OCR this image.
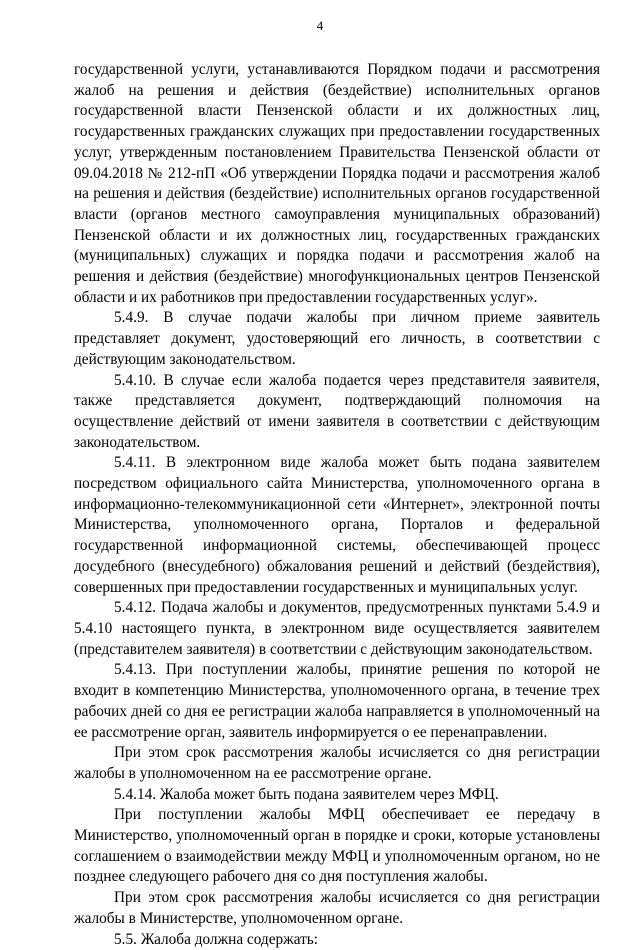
4

государственной услуги, устанавливаются Порядком подачи и рассмотрения жалоб на решения и действия (бездействие) исполнительных органов государственной власти Пензенской области и их должностных лиц, государственных гражданских служащих при предоставлении государственных услуг, утвержденным постановлением Правительства Пензенской области от 09.04.2018 № 212-пП «Об утверждении Порядка подачи и рассмотрения жалоб на решения и действия (бездействие) исполнительных органов государственной власти (органов местного самоуправления муниципальных образований) Пензенской области и их должностных лиц, государственных гражданских (муниципальных) служащих и порядка подачи и рассмотрения жалоб на решения и действия (бездействие) многофункциональных центров Пензенской области и их работников при предоставлении государственных услуг».

5.4.9. В случае подачи жалобы при личном приеме заявитель представляет документ, удостоверяющий его личность, в соответствии с действующим законодательством.

5.4.10. В случае если жалоба подается через представителя заявителя, также представляется документ, подтверждающий полномочия на осуществление действий от имени заявителя в соответствии с действующим законодательством.

5.4.11. В электронном виде жалоба может быть подана заявителем посредством официального сайта Министерства, уполномоченного органа в информационно-телекоммуникационной сети «Интернет», электронной почты Министерства, уполномоченного органа, Порталов и федеральной государственной информационной системы, обеспечивающей процесс досудебного (внесудебного) обжалования решений и действий (бездействия), совершенных при предоставлении государственных и муниципальных услуг.

5.4.12. Подача жалобы и документов, предусмотренных пунктами 5.4.9 и 5.4.10 настоящего пункта, в электронном виде осуществляется заявителем (представителем заявителя) в соответствии с действующим законодательством.

5.4.13. При поступлении жалобы, принятие решения по которой не входит в компетенцию Министерства, уполномоченного органа, в течение трех рабочих дней со дня ее регистрации жалоба направляется в уполномоченный на ее рассмотрение орган, заявитель информируется о ее перенаправлении.

При этом срок рассмотрения жалобы исчисляется со дня регистрации жалобы в уполномоченном на ее рассмотрение органе.

5.4.14. Жалоба может быть подана заявителем через МФЦ.

При поступлении жалобы МФЦ обеспечивает ее передачу в Министерство, уполномоченный орган в порядке и сроки, которые установлены соглашением о взаимодействии между МФЦ и уполномоченным органом, но не позднее следующего рабочего дня со дня поступления жалобы.

При этом срок рассмотрения жалобы исчисляется со дня регистрации жалобы в Министерстве, уполномоченном органе.

5.5. Жалоба должна содержать:
